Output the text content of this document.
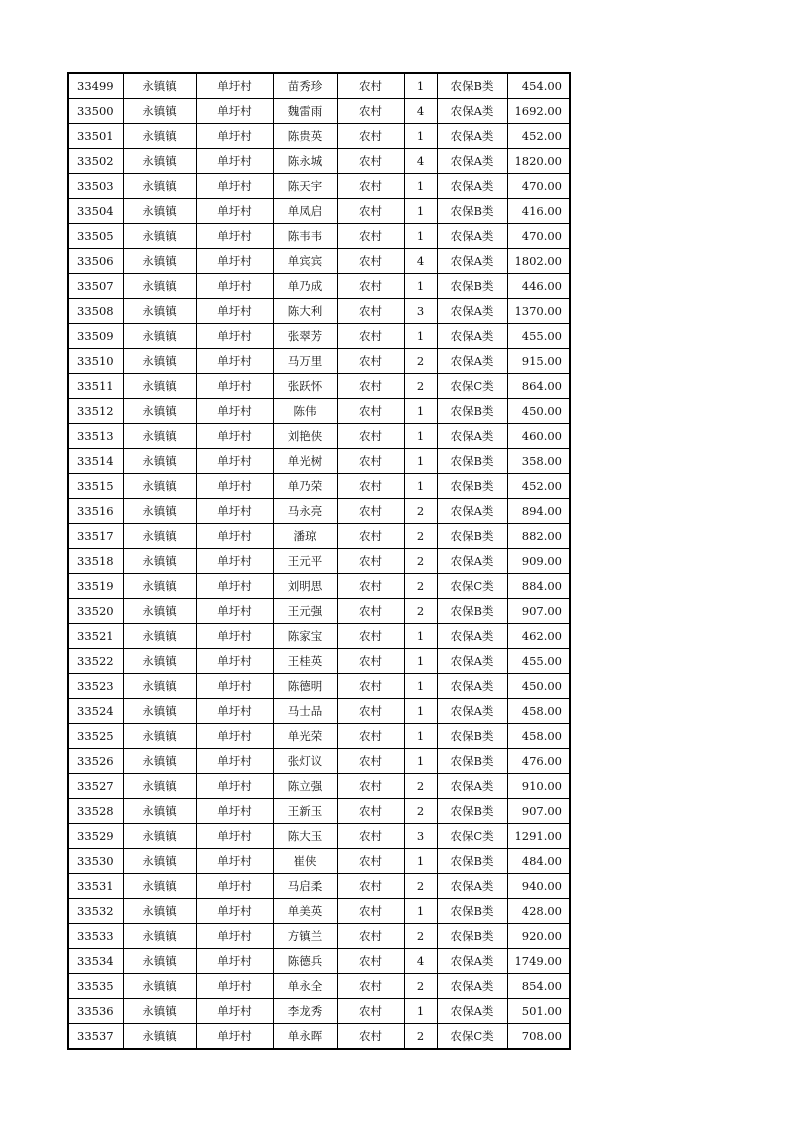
33499	永镇镇	单圩村	苗秀珍	农村	1	农保B类	454.00
33500	永镇镇	单圩村	魏雷雨	农村	4	农保A类	1692.00
33501	永镇镇	单圩村	陈贵英	农村	1	农保A类	452.00
33502	永镇镇	单圩村	陈永城	农村	4	农保A类	1820.00
33503	永镇镇	单圩村	陈天宇	农村	1	农保A类	470.00
33504	永镇镇	单圩村	单凤启	农村	1	农保B类	416.00
33505	永镇镇	单圩村	陈韦韦	农村	1	农保A类	470.00
33506	永镇镇	单圩村	单宾宾	农村	4	农保A类	1802.00
33507	永镇镇	单圩村	单乃成	农村	1	农保B类	446.00
33508	永镇镇	单圩村	陈大利	农村	3	农保A类	1370.00
33509	永镇镇	单圩村	张翠芳	农村	1	农保A类	455.00
33510	永镇镇	单圩村	马万里	农村	2	农保A类	915.00
33511	永镇镇	单圩村	张跃怀	农村	2	农保C类	864.00
33512	永镇镇	单圩村	陈伟	农村	1	农保B类	450.00
33513	永镇镇	单圩村	刘艳侠	农村	1	农保A类	460.00
33514	永镇镇	单圩村	单光树	农村	1	农保B类	358.00
33515	永镇镇	单圩村	单乃荣	农村	1	农保B类	452.00
33516	永镇镇	单圩村	马永亮	农村	2	农保A类	894.00
33517	永镇镇	单圩村	潘琼	农村	2	农保B类	882.00
33518	永镇镇	单圩村	王元平	农村	2	农保A类	909.00
33519	永镇镇	单圩村	刘明思	农村	2	农保C类	884.00
33520	永镇镇	单圩村	王元强	农村	2	农保B类	907.00
33521	永镇镇	单圩村	陈家宝	农村	1	农保A类	462.00
33522	永镇镇	单圩村	王桂英	农村	1	农保A类	455.00
33523	永镇镇	单圩村	陈德明	农村	1	农保A类	450.00
33524	永镇镇	单圩村	马士品	农村	1	农保A类	458.00
33525	永镇镇	单圩村	单光荣	农村	1	农保B类	458.00
33526	永镇镇	单圩村	张灯议	农村	1	农保B类	476.00
33527	永镇镇	单圩村	陈立强	农村	2	农保A类	910.00
33528	永镇镇	单圩村	王新玉	农村	2	农保B类	907.00
33529	永镇镇	单圩村	陈大玉	农村	3	农保C类	1291.00
33530	永镇镇	单圩村	崔侠	农村	1	农保B类	484.00
33531	永镇镇	单圩村	马启柔	农村	2	农保A类	940.00
33532	永镇镇	单圩村	单美英	农村	1	农保B类	428.00
33533	永镇镇	单圩村	方镇兰	农村	2	农保B类	920.00
33534	永镇镇	单圩村	陈德兵	农村	4	农保A类	1749.00
33535	永镇镇	单圩村	单永全	农村	2	农保A类	854.00
33536	永镇镇	单圩村	李龙秀	农村	1	农保A类	501.00
33537	永镇镇	单圩村	单永晖	农村	2	农保C类	708.00
